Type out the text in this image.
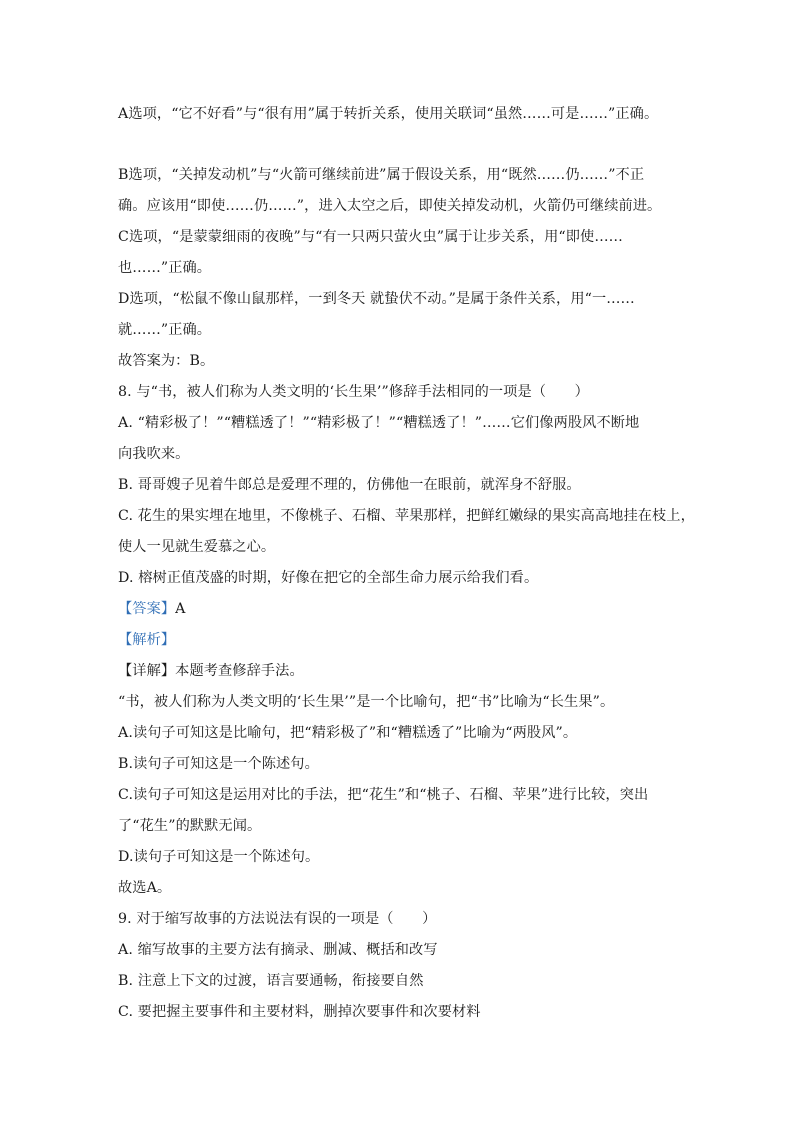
A选项，“它不好看”与“很有用”属于转折关系，使用关联词“虽然……可是……”正确。
B选项，“关掉发动机”与“火箭可继续前进”属于假设关系，用“既然……仍……”不正
确。应该用“即使……仍……”，进入太空之后，即使关掉发动机，火箭仍可继续前进。
C选项，“是蒙蒙细雨的夜晚”与“有一只两只萤火虫”属于让步关系，用“即使……
也……”正确。
D选项，“松鼠不像山鼠那样，一到冬天 就蛰伏不动。”是属于条件关系，用“一……
就……”正确。
故答案为：B。
8. 与“书，被人们称为人类文明的‘长生果’”修辞手法相同的一项是（　　）
A. “精彩极了！”“糟糕透了！”“精彩极了！”“糟糕透了！”……它们像两股风不断地
向我吹来。
B. 哥哥嫂子见着牛郎总是爱理不理的，仿佛他一在眼前，就浑身不舒服。
C. 花生的果实埋在地里，不像桃子、石榴、苹果那样，把鲜红嫩绿的果实高高地挂在枝上，
使人一见就生爱慕之心。
D. 榕树正值茂盛的时期，好像在把它的全部生命力展示给我们看。
【答案】A
【解析】
【详解】本题考查修辞手法。
“书，被人们称为人类文明的‘长生果’”是一个比喻句，把“书”比喻为“长生果”。
A.读句子可知这是比喻句，把“精彩极了”和“糟糕透了”比喻为“两股风”。
B.读句子可知这是一个陈述句。
C.读句子可知这是运用对比的手法，把“花生”和“桃子、石榴、苹果”进行比较，突出
了“花生”的默默无闻。
D.读句子可知这是一个陈述句。
故选A。
9. 对于缩写故事的方法说法有误的一项是（　　）
A. 缩写故事的主要方法有摘录、删减、概括和改写
B. 注意上下文的过渡，语言要通畅，衔接要自然
C. 要把握主要事件和主要材料，删掉次要事件和次要材料
